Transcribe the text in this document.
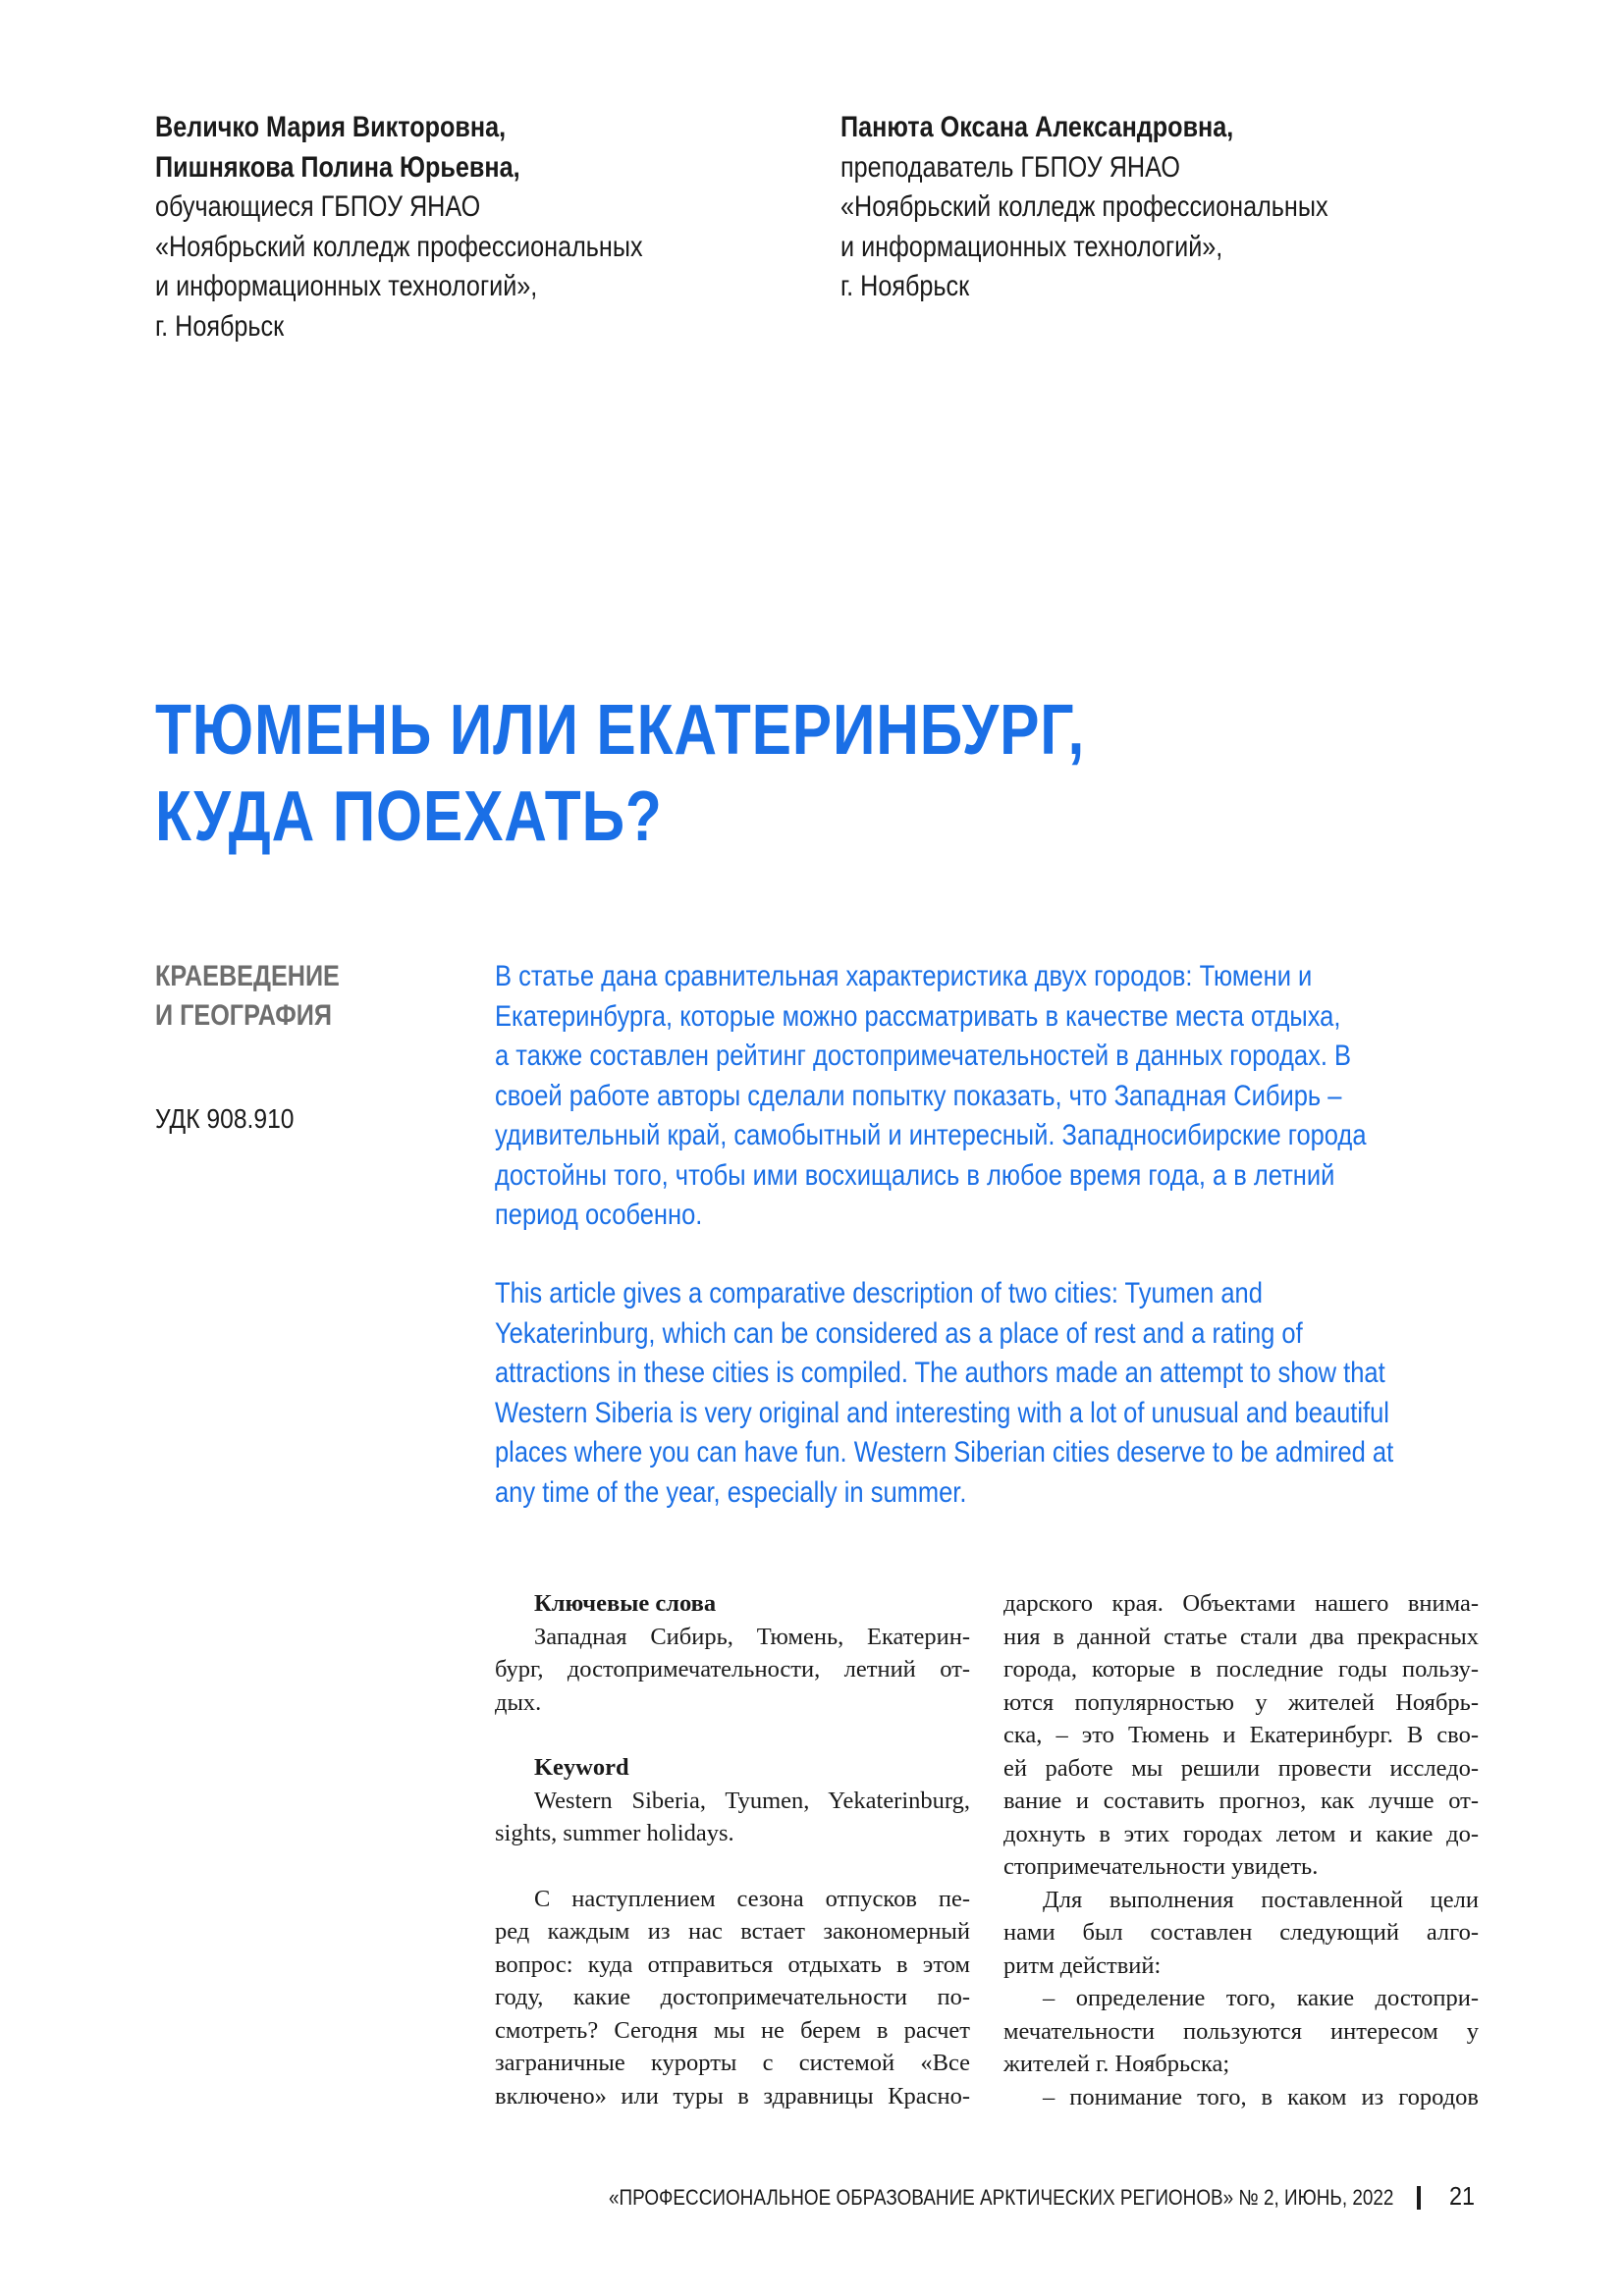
Величко Мария Викторовна,
Пишнякова Полина Юрьевна,
обучающиеся ГБПОУ ЯНАО
«Ноябрьский колледж профессиональных
и информационных технологий»,
г. Ноябрьск
Панюта Оксана Александровна,
преподаватель ГБПОУ ЯНАО
«Ноябрьский колледж профессиональных
и информационных технологий»,
г. Ноябрьск
ТЮМЕНЬ ИЛИ ЕКАТЕРИНБУРГ,
КУДА ПОЕХАТЬ?
КРАЕВЕДЕНИЕ
И ГЕОГРАФИЯ
УДК 908.910
В статье дана сравнительная характеристика двух городов: Тюмени и
Екатеринбурга, которые можно рассматривать в качестве места отдыха,
а также составлен рейтинг достопримечательностей в данных городах. В
своей работе авторы сделали попытку показать, что Западная Сибирь –
удивительный край, самобытный и интересный. Западносибирские города
достойны того, чтобы ими восхищались в любое время года, а в летний
период особенно.
This article gives a comparative description of two cities: Tyumen and
Yekaterinburg, which can be considered as a place of rest and a rating of
attractions in these cities is compiled. The authors made an attempt to show that
Western Siberia is very original and interesting with a lot of unusual and beautiful
places where you can have fun. Western Siberian cities deserve to be admired at
any time of the year, especially in summer.
Ключевые слова
Западная Сибирь, Тюмень, Екатерин-
бург, достопримечательности, летний от-
дых.
Keyword
Western Siberia, Tyumen, Yekaterinburg,
sights, summer holidays.
С наступлением сезона отпусков пе-
ред каждым из нас встает закономерный
вопрос: куда отправиться отдыхать в этом
году, какие достопримечательности по-
смотреть? Сегодня мы не берем в расчет
заграничные курорты с системой «Все
включено» или туры в здравницы Красно-
дарского края. Объектами нашего внима-
ния в данной статье стали два прекрасных
города, которые в последние годы пользу-
ются популярностью у жителей Ноябрь-
ска, – это Тюмень и Екатеринбург. В сво-
ей работе мы решили провести исследо-
вание и составить прогноз, как лучше от-
дохнуть в этих городах летом и какие до-
стопримечательности увидеть.
Для выполнения поставленной цели
нами был составлен следующий алго-
ритм действий:
– определение того, какие достопри-
мечательности пользуются интересом у
жителей г. Ноябрьска;
– понимание того, в каком из городов
«ПРОФЕССИОНАЛЬНОЕ ОБРАЗОВАНИЕ АРКТИЧЕСКИХ РЕГИОНОВ» № 2, ИЮНЬ, 2022 21
